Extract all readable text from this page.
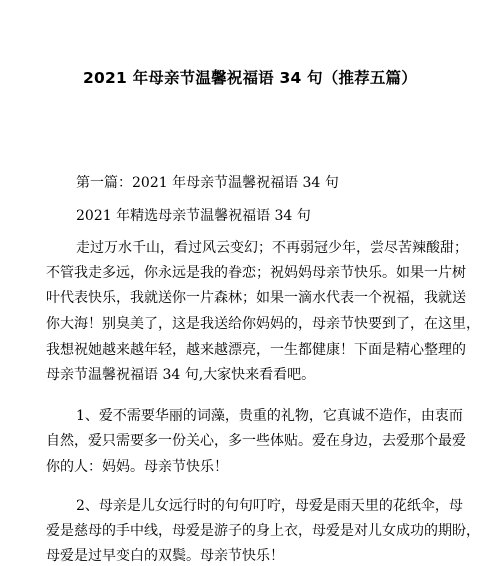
2021 年母亲节温馨祝福语 34 句（推荐五篇）
第一篇：2021 年母亲节温馨祝福语 34 句
2021 年精选母亲节温馨祝福语 34 句
走过万水千山，看过风云变幻；不再弱冠少年，尝尽苦辣酸甜；
不管我走多远，你永远是我的眷恋；祝妈妈母亲节快乐。如果一片树
叶代表快乐，我就送你一片森林；如果一滴水代表一个祝福，我就送
你大海！别臭美了，这是我送给你妈妈的，母亲节快要到了，在这里，
我想祝她越来越年轻，越来越漂亮，一生都健康！下面是精心整理的
母亲节温馨祝福语 34 句,大家快来看看吧。
1、爱不需要华丽的词藻，贵重的礼物，它真诚不造作，由衷而
自然，爱只需要多一份关心，多一些体贴。爱在身边，去爱那个最爱
你的人：妈妈。母亲节快乐！
2、母亲是儿女远行时的句句叮咛，母爱是雨天里的花纸伞，母
爱是慈母的手中线，母爱是游子的身上衣，母爱是对儿女成功的期盼，
母爱是过早变白的双鬓。母亲节快乐！
